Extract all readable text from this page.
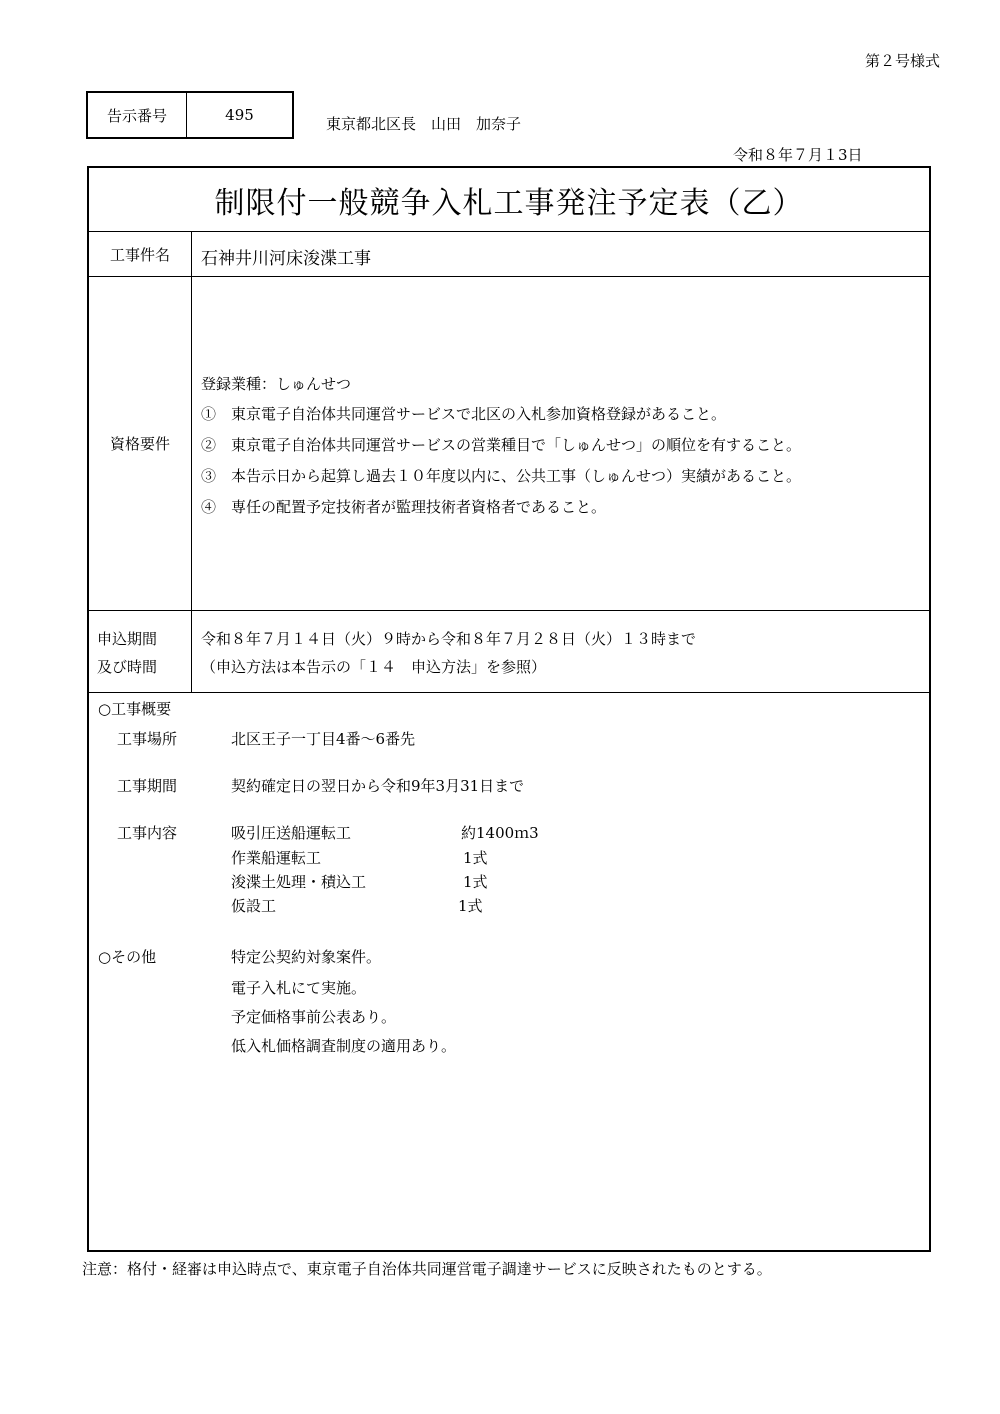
第２号様式
告示番号	495	東京都北区長　山田　加奈子
令和８年７月１3日
制限付一般競争入札工事発注予定表（乙）
工事件名	石神井川河床浚渫工事
資格要件
登録業種：しゅんせつ
①　東京電子自治体共同運営サービスで北区の入札参加資格登録があること。
②　東京電子自治体共同運営サービスの営業種目で「しゅんせつ」の順位を有すること。
③　本告示日から起算し過去１０年度以内に、公共工事（しゅんせつ）実績があること。
④　専任の配置予定技術者が監理技術者資格者であること。
申込期間
及び時間
令和８年７月１４日（火）９時から令和８年７月２８日（火）１３時まで
（申込方法は本告示の「１４　申込方法」を参照）
○工事概要
工事場所	北区王子一丁目4番～6番先
工事期間	契約確定日の翌日から令和9年3月31日まで
工事内容	吸引圧送船運転工	約1400ｍ3
作業船運転工	1式
浚渫土処理・積込工	1式
仮設工	1式
○その他	特定公契約対象案件。
電子入札にて実施。
予定価格事前公表あり。
低入札価格調査制度の適用あり。
注意：格付・経審は申込時点で、東京電子自治体共同運営電子調達サービスに反映されたものとする。
